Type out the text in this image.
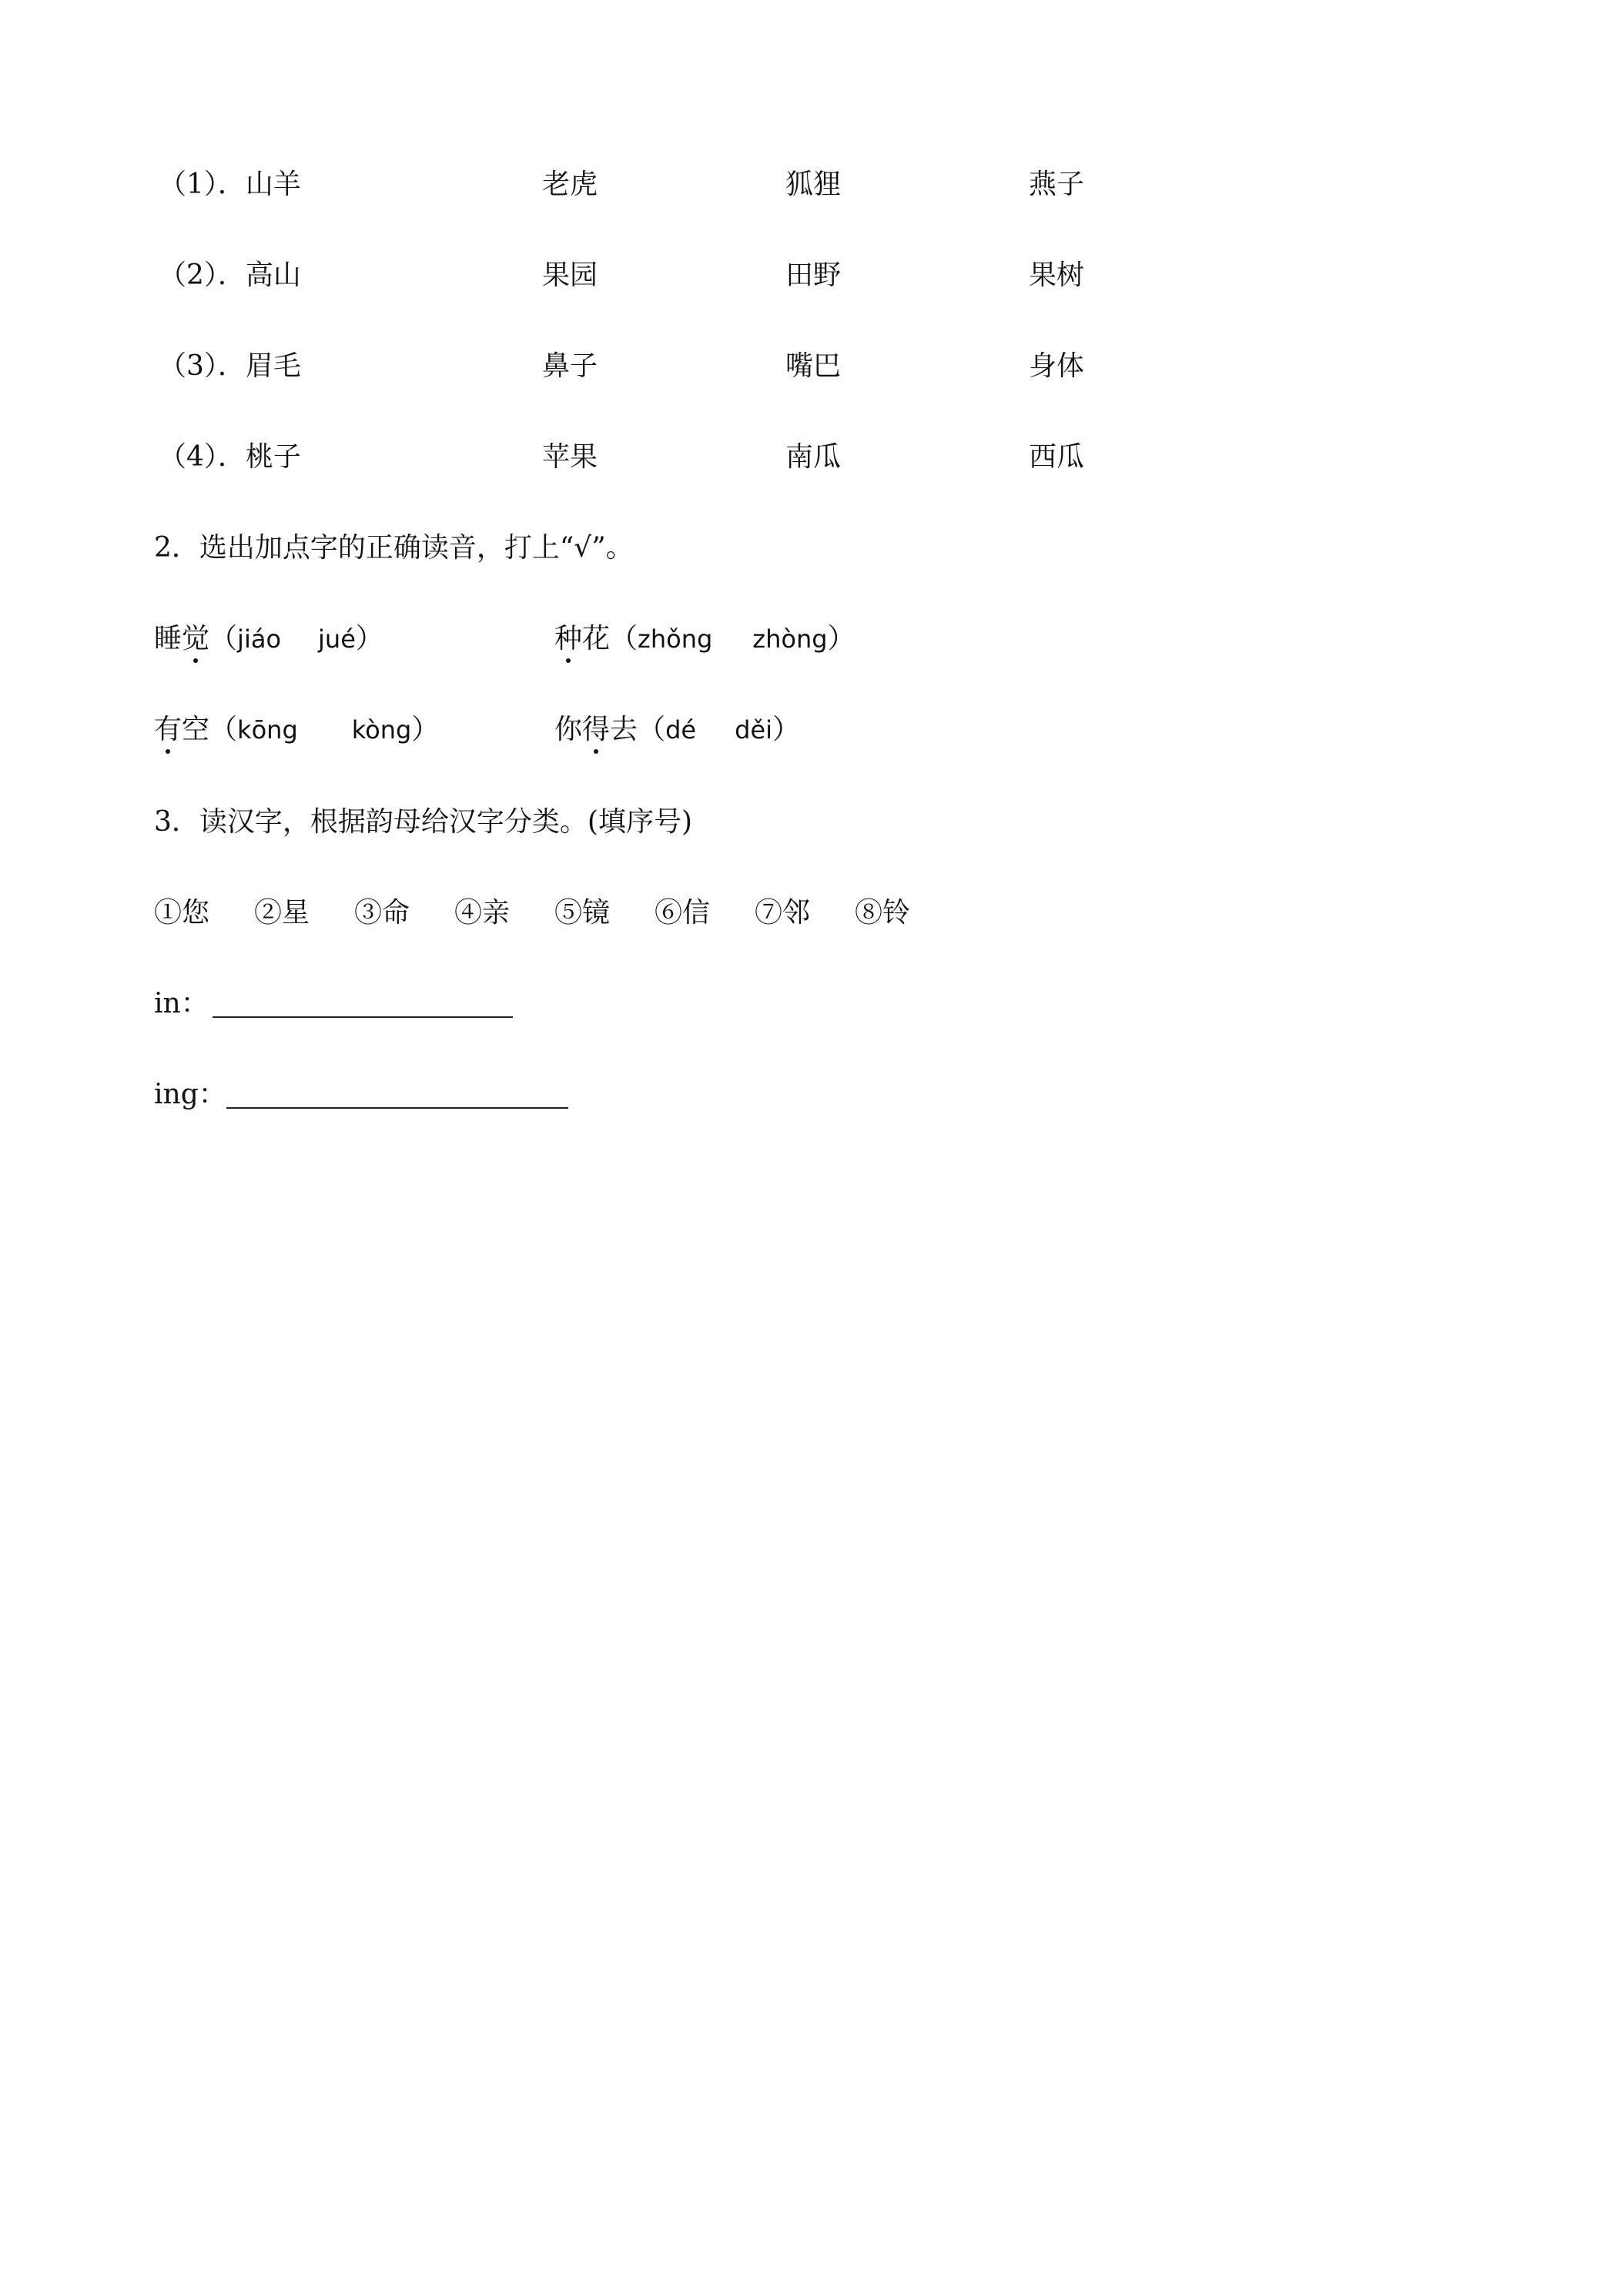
（1）．山羊	老虎	狐狸	燕子
（2）．高山	果园	田野	果树
（3）．眉毛	鼻子	嘴巴	身体
（4）．桃子	苹果	南瓜	西瓜
2．选出加点字的正确读音，打上“√”。
睡觉（jiáo jué）	种花（zhǒng zhòng）
有空（kōng kòng）	你得去（dé děi）
3．读汉字，根据韵母给汉字分类。(填序号)
①您 ②星 ③命 ④亲 ⑤镜 ⑥信 ⑦邻 ⑧铃
in：
ing：
